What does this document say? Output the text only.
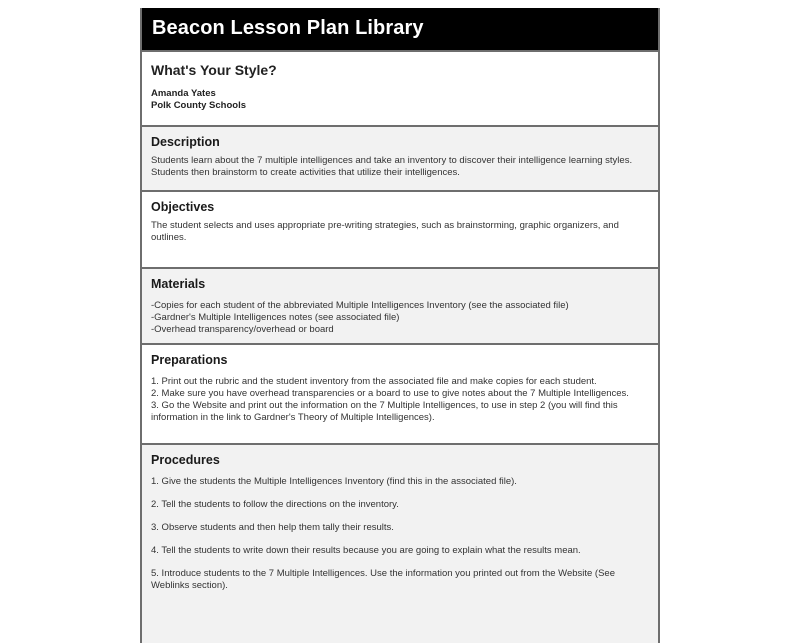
Beacon Lesson Plan Library
What's Your Style?
Amanda Yates
Polk County Schools
Description
Students learn about the 7 multiple intelligences and take an inventory to discover their intelligence learning styles. Students then brainstorm to create activities that utilize their intelligences.
Objectives
The student selects and uses appropriate pre-writing strategies, such as brainstorming, graphic organizers, and outlines.
Materials
-Copies for each student of the abbreviated Multiple Intelligences Inventory (see the associated file)
-Gardner's Multiple Intelligences notes (see associated file)
-Overhead transparency/overhead or board
Preparations
1. Print out the rubric and the student inventory from the associated file and make copies for each student.
2. Make sure you have overhead transparencies or a board to use to give notes about the 7 Multiple Intelligences.
3. Go the Website and print out the information on the 7 Multiple Intelligences, to use in step 2 (you will find this information in the link to Gardner's Theory of Multiple Intelligences).
Procedures
1. Give the students the Multiple Intelligences Inventory (find this in the associated file).
2. Tell the students to follow the directions on the inventory.
3. Observe students and then help them tally their results.
4. Tell the students to write down their results because you are going to explain what the results mean.
5. Introduce students to the 7 Multiple Intelligences. Use the information you printed out from the Website (See Weblinks section).
